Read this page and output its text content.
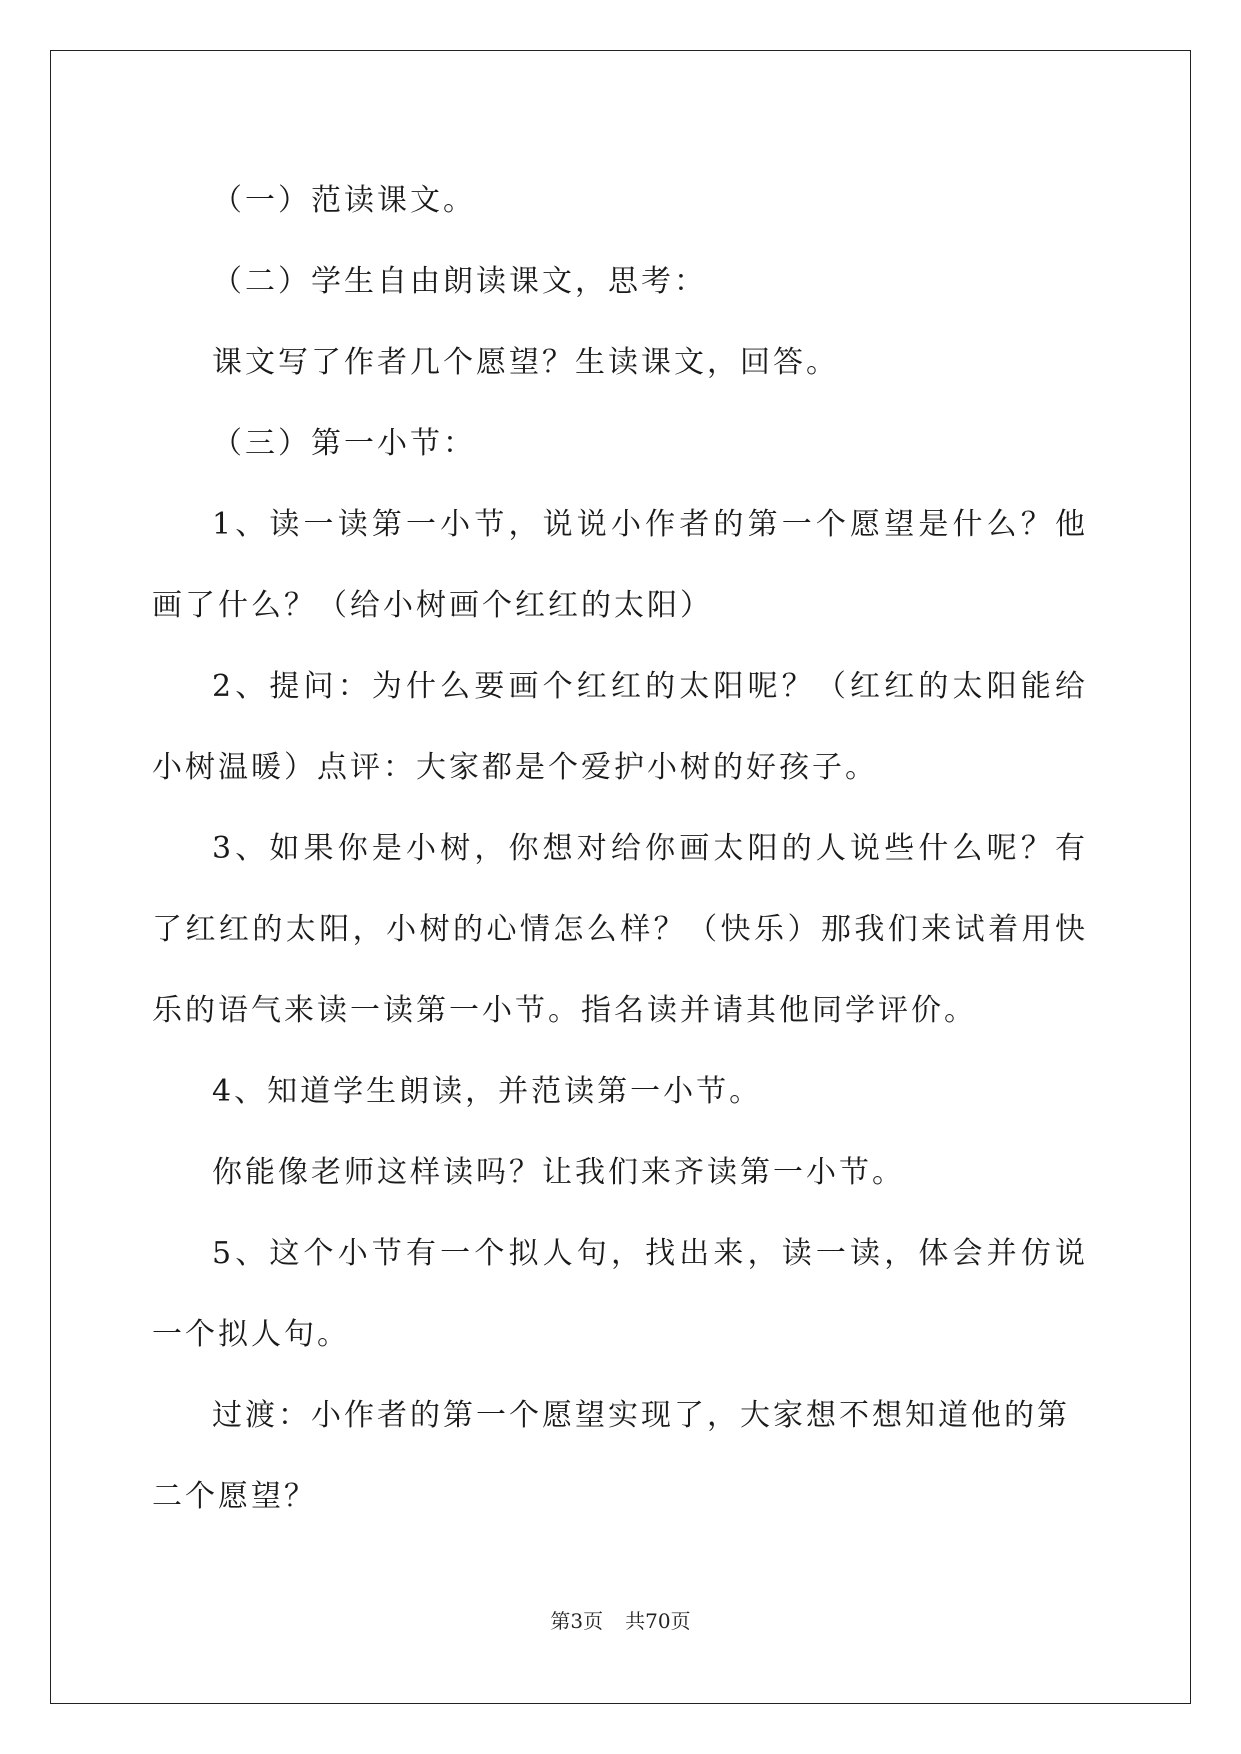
（一）范读课文。

（二）学生自由朗读课文，思考：

课文写了作者几个愿望？生读课文，回答。

（三）第一小节：

1、读一读第一小节，说说小作者的第一个愿望是什么？他画了什么？（给小树画个红红的太阳）

2、提问：为什么要画个红红的太阳呢？（红红的太阳能给小树温暖）点评：大家都是个爱护小树的好孩子。

3、如果你是小树，你想对给你画太阳的人说些什么呢？有了红红的太阳，小树的心情怎么样？（快乐）那我们来试着用快乐的语气来读一读第一小节。指名读并请其他同学评价。

4、知道学生朗读，并范读第一小节。

你能像老师这样读吗？让我们来齐读第一小节。

5、这个小节有一个拟人句，找出来，读一读，体会并仿说一个拟人句。

过渡：小作者的第一个愿望实现了，大家想不想知道他的第二个愿望？

第3页 共70页
